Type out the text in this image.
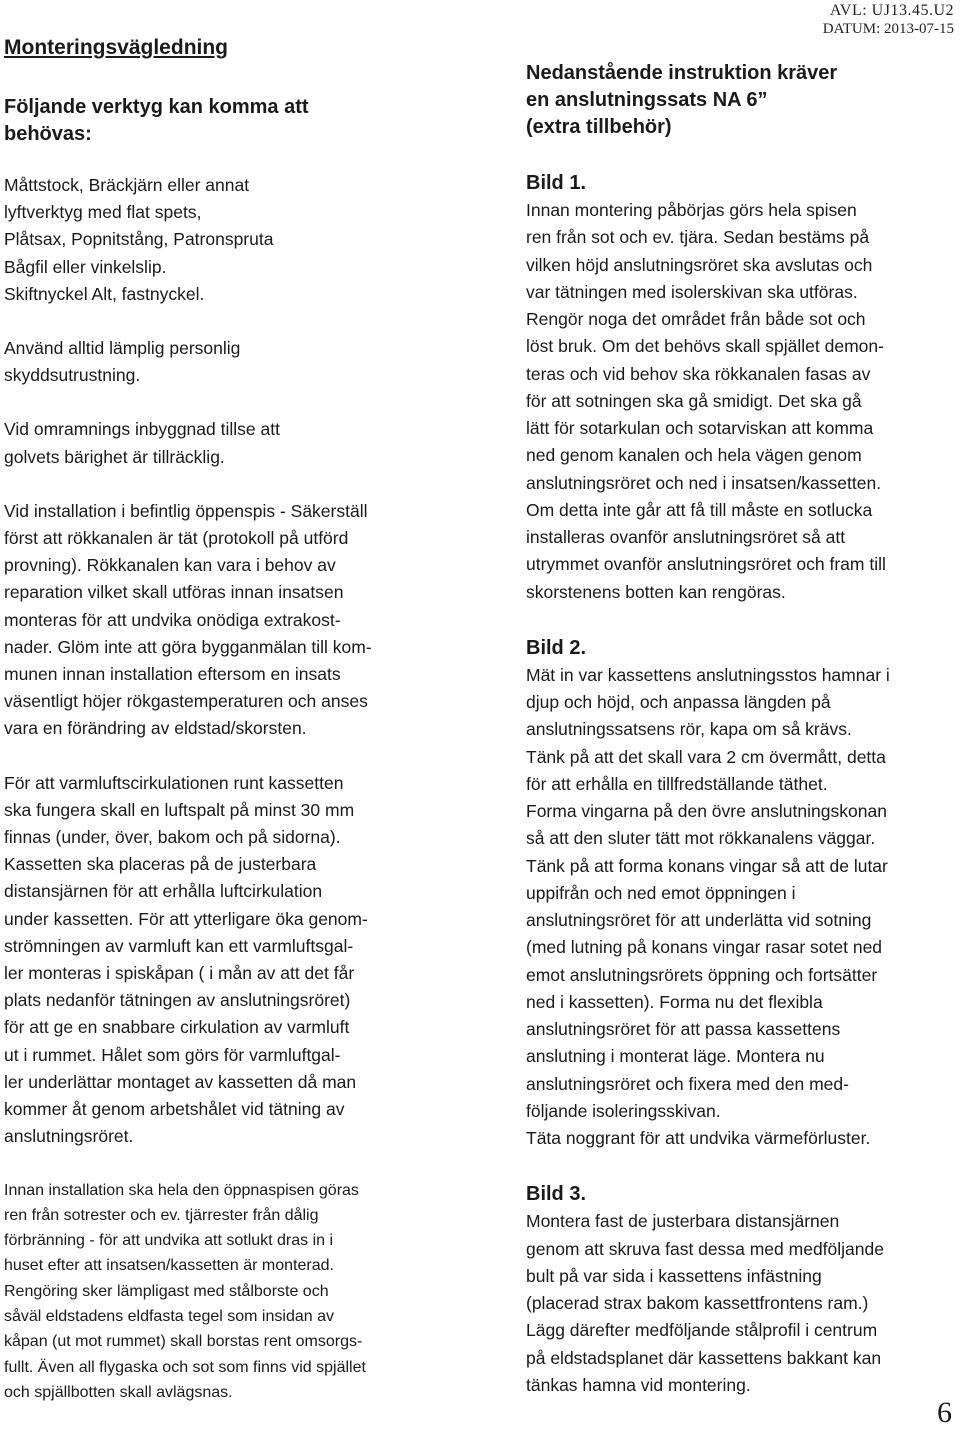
AVL: UJ13.45.U2
DATUM: 2013-07-15
Monteringsvägledning
Följande verktyg kan komma att
behövas:
Måttstock, Bräckjärn eller annat
lyftverktyg med flat spets,
Plåtsax, Popnitstång, Patronspruta
Bågfil eller vinkelslip.
Skiftnyckel Alt, fastnyckel.
Använd alltid lämplig personlig
skyddsutrustning.
Vid omramnings inbyggnad tillse att
golvets bärighet är tillräcklig.
Vid installation i befintlig öppenspis - Säkerställ
först att rökkanalen är tät (protokoll på utförd
provning). Rökkanalen kan vara i behov av
reparation vilket skall utföras innan insatsen
monteras för att undvika onödiga extrakost-
nader. Glöm inte att göra bygganmälan till kom-
munen innan installation eftersom en insats
väsentligt höjer rökgastemperaturen och anses
vara en förändring av eldstad/skorsten.
För att varmluftscirkulationen runt kassetten
ska fungera skall en luftspalt på minst 30 mm
finnas (under, över, bakom och på sidorna).
Kassetten ska placeras på de justerbara
distansjärnen för att erhålla luftcirkulation
under kassetten. För att ytterligare öka genom-
strömningen av varmluft kan ett varmluftsgal-
ler monteras i spiskåpan ( i mån av att det får
plats nedanför tätningen av anslutningsröret)
för att ge en snabbare cirkulation av varmluft
ut i rummet. Hålet som görs för varmluftgal-
ler underlättar montaget av kassetten då man
kommer åt genom arbetshålet vid tätning av
anslutningsröret.
Innan installation ska hela den öppnaspisen göras
ren från sotrester och ev. tjärrester från dålig
förbränning - för att undvika att sotlukt dras in i
huset efter att insatsen/kassetten är monterad.
Rengöring sker lämpligast med stålborste och
såväl eldstadens eldfasta tegel som insidan av
kåpan (ut mot rummet) skall borstas rent omsorgs-
fullt. Även all flygaska och sot som finns vid spjället
och spjällbotten skall avlägsnas.
Nedanstående instruktion kräver
en anslutningssats NA 6”
(extra tillbehör)
Bild 1.
Innan montering påbörjas görs hela spisen
ren från sot och ev. tjära. Sedan bestäms på
vilken höjd anslutningsröret ska avslutas och
var tätningen med isolerskivan ska utföras.
Rengör noga det området från både sot och
löst bruk. Om det behövs skall spjället demon-
teras och vid behov ska rökkanalen fasas av
för att sotningen ska gå smidigt. Det ska gå
lätt för sotarkulan och sotarviskan att komma
ned genom kanalen och hela vägen genom
anslutningsröret och ned i insatsen/kassetten.
Om detta inte går att få till måste en sotlucka
installeras ovanför anslutningsröret så att
utrymmet ovanför anslutningsröret och fram till
skorstenens botten kan rengöras.
Bild 2.
Mät in var kassettens anslutningsstos hamnar i
djup och höjd, och anpassa längden på
anslutningssatsens rör, kapa om så krävs.
Tänk på att det skall vara 2 cm övermått, detta
för att erhålla en tillfredställande täthet.
Forma vingarna på den övre anslutningskonan
så att den sluter tätt mot rökkanalens väggar.
Tänk på att forma konans vingar så att de lutar
uppifrån och ned emot öppningen i
anslutningsröret för att underlätta vid sotning
(med lutning på konans vingar rasar sotet ned
emot anslutningsrörets öppning och fortsätter
ned i kassetten). Forma nu det flexibla
anslutningsröret för att passa kassettens
anslutning i monterat läge. Montera nu
anslutningsröret och fixera med den med-
följande isoleringsskivan.
Täta noggrant för att undvika värmeförluster.
Bild 3.
Montera fast de justerbara distansjärnen
genom att skruva fast dessa med medföljande
bult på var sida i kassettens infästning
(placerad strax bakom kassettfrontens ram.)
Lägg därefter medföljande stålprofil i centrum
på eldstadsplanet där kassettens bakkant kan
tänkas hamna vid montering.
6
